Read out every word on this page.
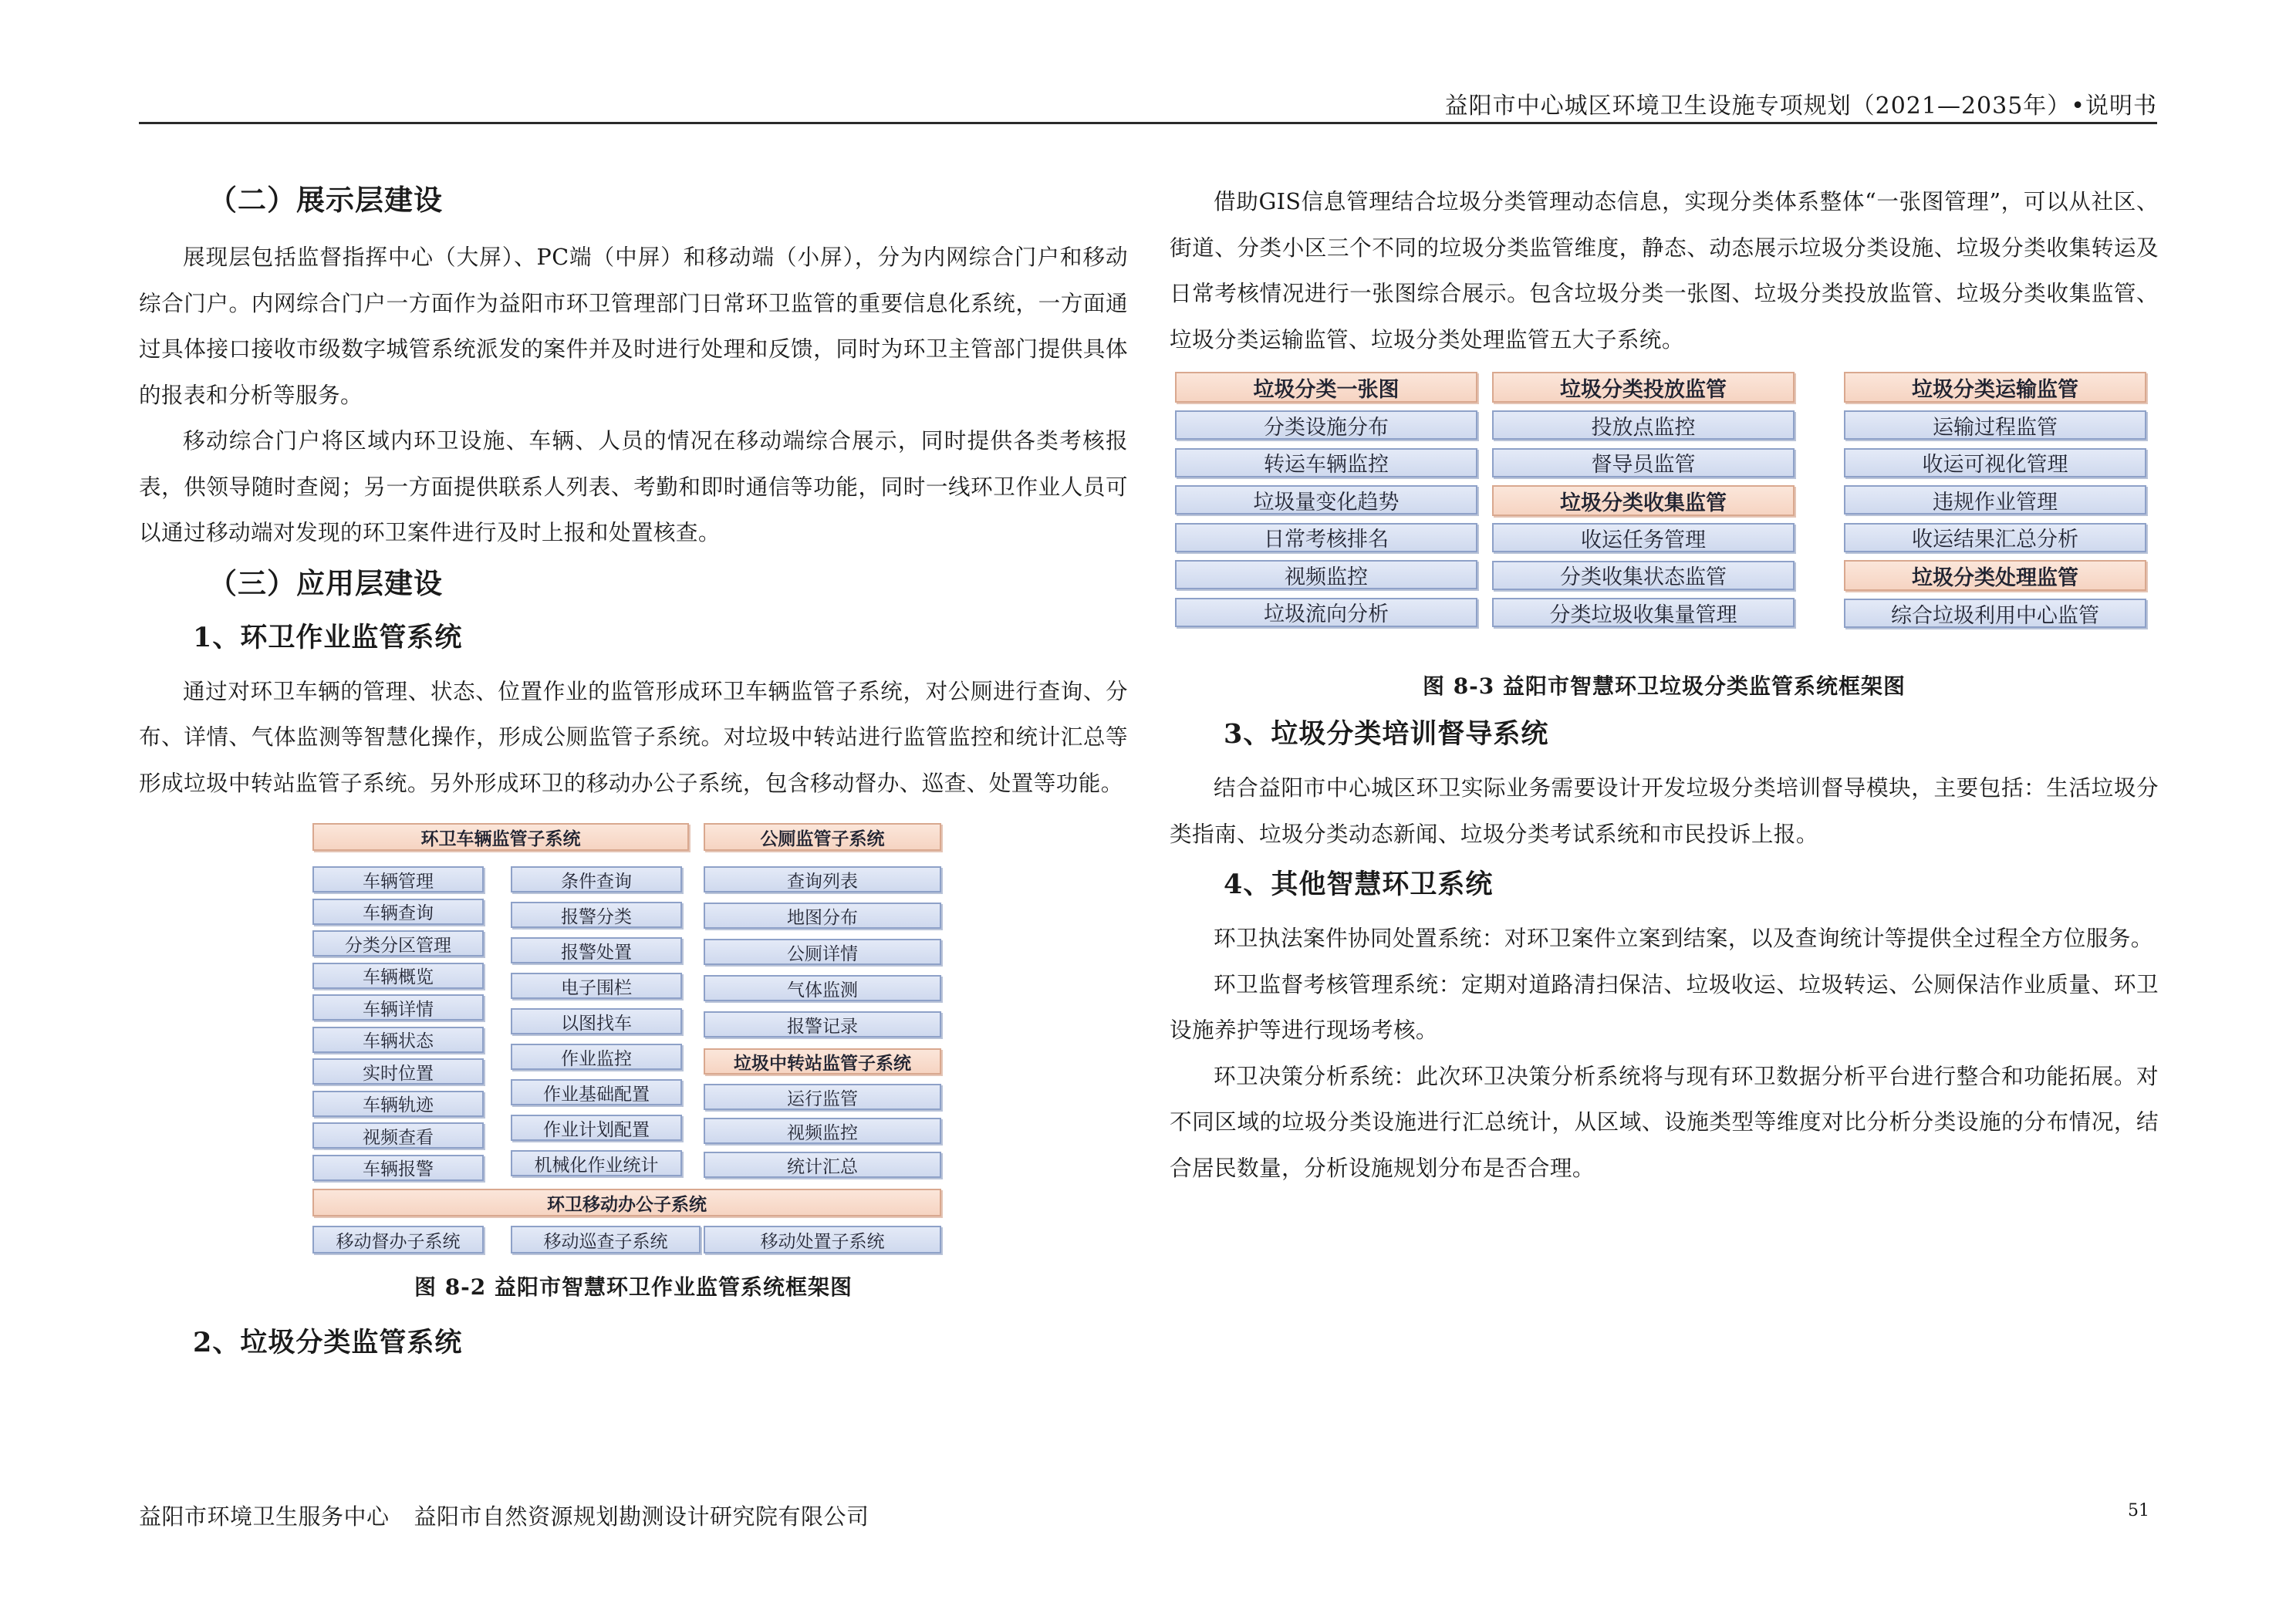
益阳市中心城区环境卫生设施专项规划（2021—2035年）•说明书
（二）展示层建设

展现层包括监督指挥中心（大屏）、PC端（中屏）和移动端（小屏），分为内网综合门户和移动综合门户。内网综合门户一方面作为益阳市环卫管理部门日常环卫监管的重要信息化系统，一方面通过具体接口接收市级数字城管系统派发的案件并及时进行处理和反馈，同时为环卫主管部门提供具体的报表和分析等服务。

移动综合门户将区域内环卫设施、车辆、人员的情况在移动端综合展示，同时提供各类考核报表，供领导随时查阅；另一方面提供联系人列表、考勤和即时通信等功能，同时一线环卫作业人员可以通过移动端对发现的环卫案件进行及时上报和处置核查。

（三）应用层建设
1、环卫作业监管系统

通过对环卫车辆的管理、状态、位置作业的监管形成环卫车辆监管子系统，对公厕进行查询、分布、详情、气体监测等智慧化操作，形成公厕监管子系统。对垃圾中转站进行监管监控和统计汇总等形成垃圾中转站监管子系统。另外形成环卫的移动办公子系统，包含移动督办、巡查、处置等功能。

环卫车辆监管子系统	公厕监管子系统
车辆管理
车辆查询
分类分区管理
车辆概览
车辆详情
车辆状态
实时位置
车辆轨迹
视频查看
车辆报警
条件查询
报警分类
报警处置
电子围栏
以图找车
作业监控
作业基础配置
作业计划配置
机械化作业统计
查询列表
地图分布
公厕详情
气体监测
报警记录
垃圾中转站监管子系统
运行监管
视频监控
统计汇总
环卫移动办公子系统
移动督办子系统	移动巡查子系统	移动处置子系统
图 8-2 益阳市智慧环卫作业监管系统框架图
2、垃圾分类监管系统

借助GIS信息管理结合垃圾分类管理动态信息，实现分类体系整体“一张图管理”，可以从社区、街道、分类小区三个不同的垃圾分类监管维度，静态、动态展示垃圾分类设施、垃圾分类收集转运及日常考核情况进行一张图综合展示。包含垃圾分类一张图、垃圾分类投放监管、垃圾分类收集监管、垃圾分类运输监管、垃圾分类处理监管五大子系统。

垃圾分类一张图
分类设施分布
转运车辆监控
垃圾量变化趋势
日常考核排名
视频监控
垃圾流向分析
垃圾分类投放监管
投放点监控
督导员监管
垃圾分类收集监管
收运任务管理
分类收集状态监管
分类垃圾收集量管理
垃圾分类运输监管
运输过程监管
收运可视化管理
违规作业管理
收运结果汇总分析
垃圾分类处理监管
综合垃圾利用中心监管
图 8-3 益阳市智慧环卫垃圾分类监管系统框架图
3、垃圾分类培训督导系统

结合益阳市中心城区环卫实际业务需要设计开发垃圾分类培训督导模块，主要包括：生活垃圾分类指南、垃圾分类动态新闻、垃圾分类考试系统和市民投诉上报。

4、其他智慧环卫系统

环卫执法案件协同处置系统：对环卫案件立案到结案，以及查询统计等提供全过程全方位服务。

环卫监督考核管理系统：定期对道路清扫保洁、垃圾收运、垃圾转运、公厕保洁作业质量、环卫设施养护等进行现场考核。

环卫决策分析系统：此次环卫决策分析系统将与现有环卫数据分析平台进行整合和功能拓展。对不同区域的垃圾分类设施进行汇总统计，从区域、设施类型等维度对比分析分类设施的分布情况，结合居民数量，分析设施规划分布是否合理。

益阳市环境卫生服务中心 益阳市自然资源规划勘测设计研究院有限公司	51
